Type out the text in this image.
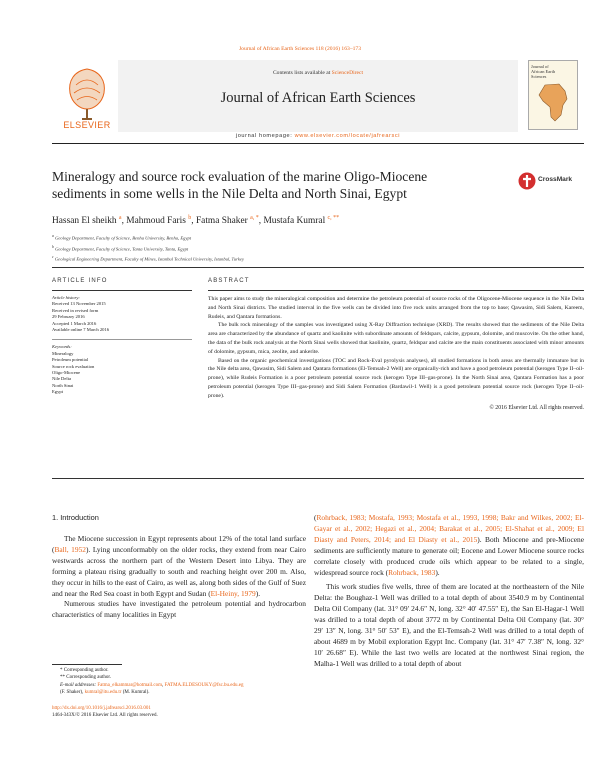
Journal of African Earth Sciences 118 (2016) 163–173
ELSEVIER
Contents lists available at ScienceDirect
Journal of African Earth Sciences
journal homepage: www.elsevier.com/locate/jafrearsci
Journal of
African Earth
Sciences
Mineralogy and source rock evaluation of the marine Oligo-Miocene sediments in some wells in the Nile Delta and North Sinai, Egypt
CrossMark
Hassan El sheikh $^a$, Mahmoud Faris $^b$, Fatma Shaker $^{a, *}$, Mustafa Kumral $^{c, **}$
$^a$ Geology Department, Faculty of Science, Benha University, Benha, Egypt
$^b$ Geology Department, Faculty of Science, Tanta University, Tanta, Egypt
$^c$ Geological Engineering Department, Faculty of Mines, Istanbul Technical University, Istanbul, Turkey
ARTICLE INFO
Article history:
Received 13 November 2015
Received in revised form
29 February 2016
Accepted 1 March 2016
Available online 7 March 2016
Keywords:
Mineralogy
Petroleum potential
Source rock evaluation
Oligo-Miocene
Nile Delta
North Sinai
Egypt
ABSTRACT
This paper aims to study the mineralogical composition and determine the petroleum potential of source rocks of the Oligocene-Miocene sequence in the Nile Delta and North Sinai districts. The studied interval in the five wells can be divided into five rock units arranged from the top to base; Qawasim, Sidi Salem, Kareem, Rudeis, and Qantara formations.
The bulk rock mineralogy of the samples was investigated using X-Ray Diffraction technique (XRD). The results showed that the sediments of the Nile Delta area are characterized by the abundance of quartz and kaolinite with subordinate amounts of feldspars, calcite, gypsum, dolomite, and muscovite. On the other hand, the data of the bulk rock analysis at the North Sinai wells showed that kaolinite, quartz, feldspar and calcite are the main constituents associated with minor amounts of dolomite, gypsum, mica, zeolite, and ankerite.
Based on the organic geochemical investigations (TOC and Rock-Eval pyrolysis analyses), all studied formations in both areas are thermally immature but in the Nile delta area, Qawasim, Sidi Salem and Qantara formations (El-Temsah-2 Well) are organically-rich and have a good petroleum potential (kerogen Type II–oil-prone), while Rudeis Formation is a poor petroleum potential source rock (kerogen Type III–gas-prone). In the North Sinai area, Qantara Formation has a poor petroleum potential (kerogen Type III–gas-prone) and Sidi Salem Formation (Bardawil-1 Well) is a good petroleum potential source rock (kerogen Type II–oil-prone).
© 2016 Elsevier Ltd. All rights reserved.
1. Introduction
The Miocene succession in Egypt represents about 12% of the total land surface (Ball, 1952). Lying unconformably on the older rocks, they extend from near Cairo westwards across the northern part of the Western Desert into Libya. They are forming a plateau rising gradually to south and reaching height over 200 m. Also, they occur in hills to the east of Cairo, as well as, along both sides of the Gulf of Suez and near the Red Sea coast in both Egypt and Sudan (El-Heiny, 1979).
Numerous studies have investigated the petroleum potential and hydrocarbon characteristics of many localities in Egypt
* Corresponding author.
** Corresponding author.
E-mail addresses: Fatma_elkammar@hotmail.com, FATMA.ELDESOUKY@fsc.bu.edu.eg
(F. Shaker), kumral@itu.edu.tr (M. Kumral).
http://dx.doi.org/10.1016/j.jafrearsci.2016.03.001
1464-343X/© 2016 Elsevier Ltd. All rights reserved.
(Rohrback, 1983; Mostafa, 1993; Mostafa et al., 1993, 1998; Bakr and Wilkes, 2002; El-Gayar et al., 2002; Hegazi et al., 2004; Barakat et al., 2005; El-Shahat et al., 2009; El Diasty and Peters, 2014; and El Diasty et al., 2015). Both Miocene and pre-Miocene sediments are sufficiently mature to generate oil; Eocene and Lower Miocene source rocks correlate closely with produced crude oils which appear to be related to a single, widespread source rock (Rohrback, 1983).
This work studies five wells, three of them are located at the northeastern of the Nile Delta: the Boughaz-1 Well was drilled to a total depth of about 3540.9 m by Continental Delta Oil Company (lat. 31° 09′ 24.6″ N, long. 32° 40′ 47.55″ E), the San El-Hagar-1 Well was drilled to a total depth of about 3772 m by Continental Delta Oil Company (lat. 30° 29′ 13″ N, long. 31° 50′ 53″ E), and the El-Temsah-2 Well was drilled to a total depth of about 4689 m by Mobil exploration Egypt Inc. Company (lat. 31° 47′ 7.38″ N, long. 32° 10′ 26.68″ E). While the last two wells are located at the northwest Sinai region, the Malha-1 Well was drilled to a total depth of about
